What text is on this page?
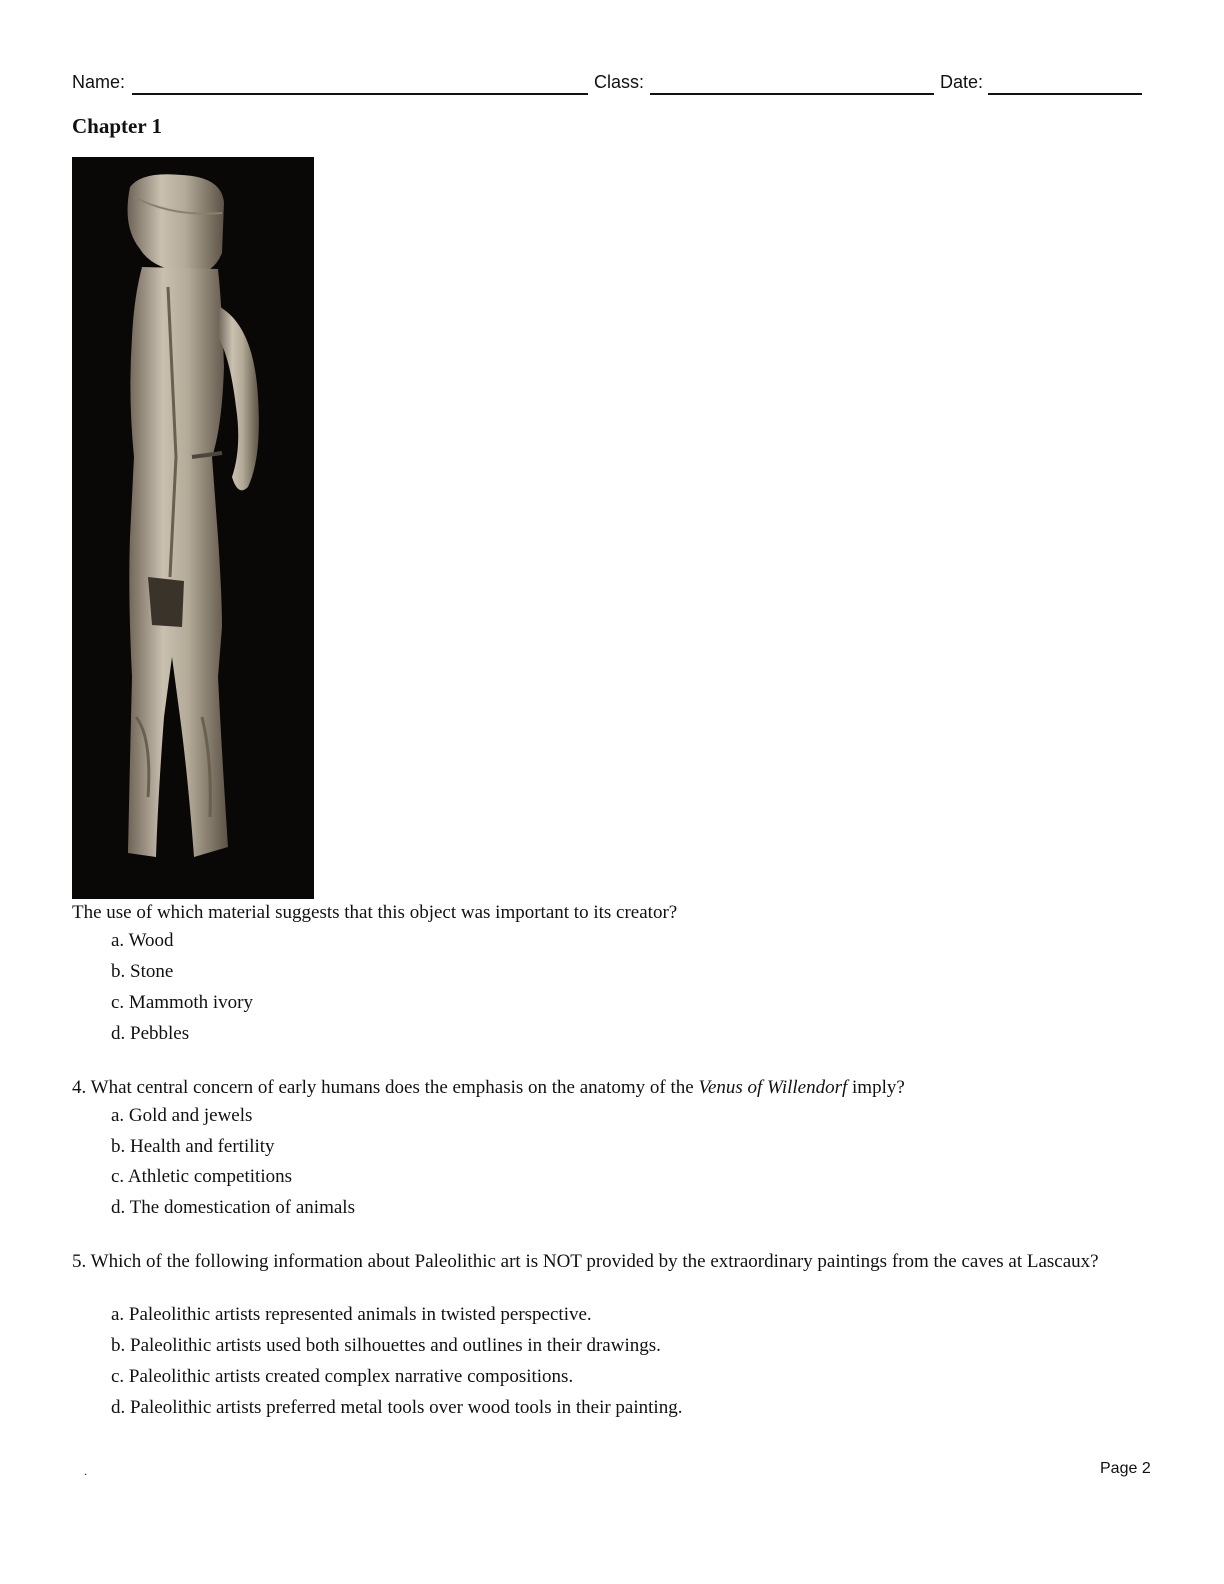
Name:	Class:	Date:
Chapter 1
The use of which material suggests that this object was important to its creator?
a. Wood
b. Stone
c. Mammoth ivory
d. Pebbles
4. What central concern of early humans does the emphasis on the anatomy of the Venus of Willendorf imply?
a. Gold and jewels
b. Health and fertility
c. Athletic competitions
d. The domestication of animals
5. Which of the following information about Paleolithic art is NOT provided by the extraordinary paintings from the caves at Lascaux?
a. Paleolithic artists represented animals in twisted perspective.
b. Paleolithic artists used both silhouettes and outlines in their drawings.
c. Paleolithic artists created complex narrative compositions.
d. Paleolithic artists preferred metal tools over wood tools in their painting.
.	Page 2
